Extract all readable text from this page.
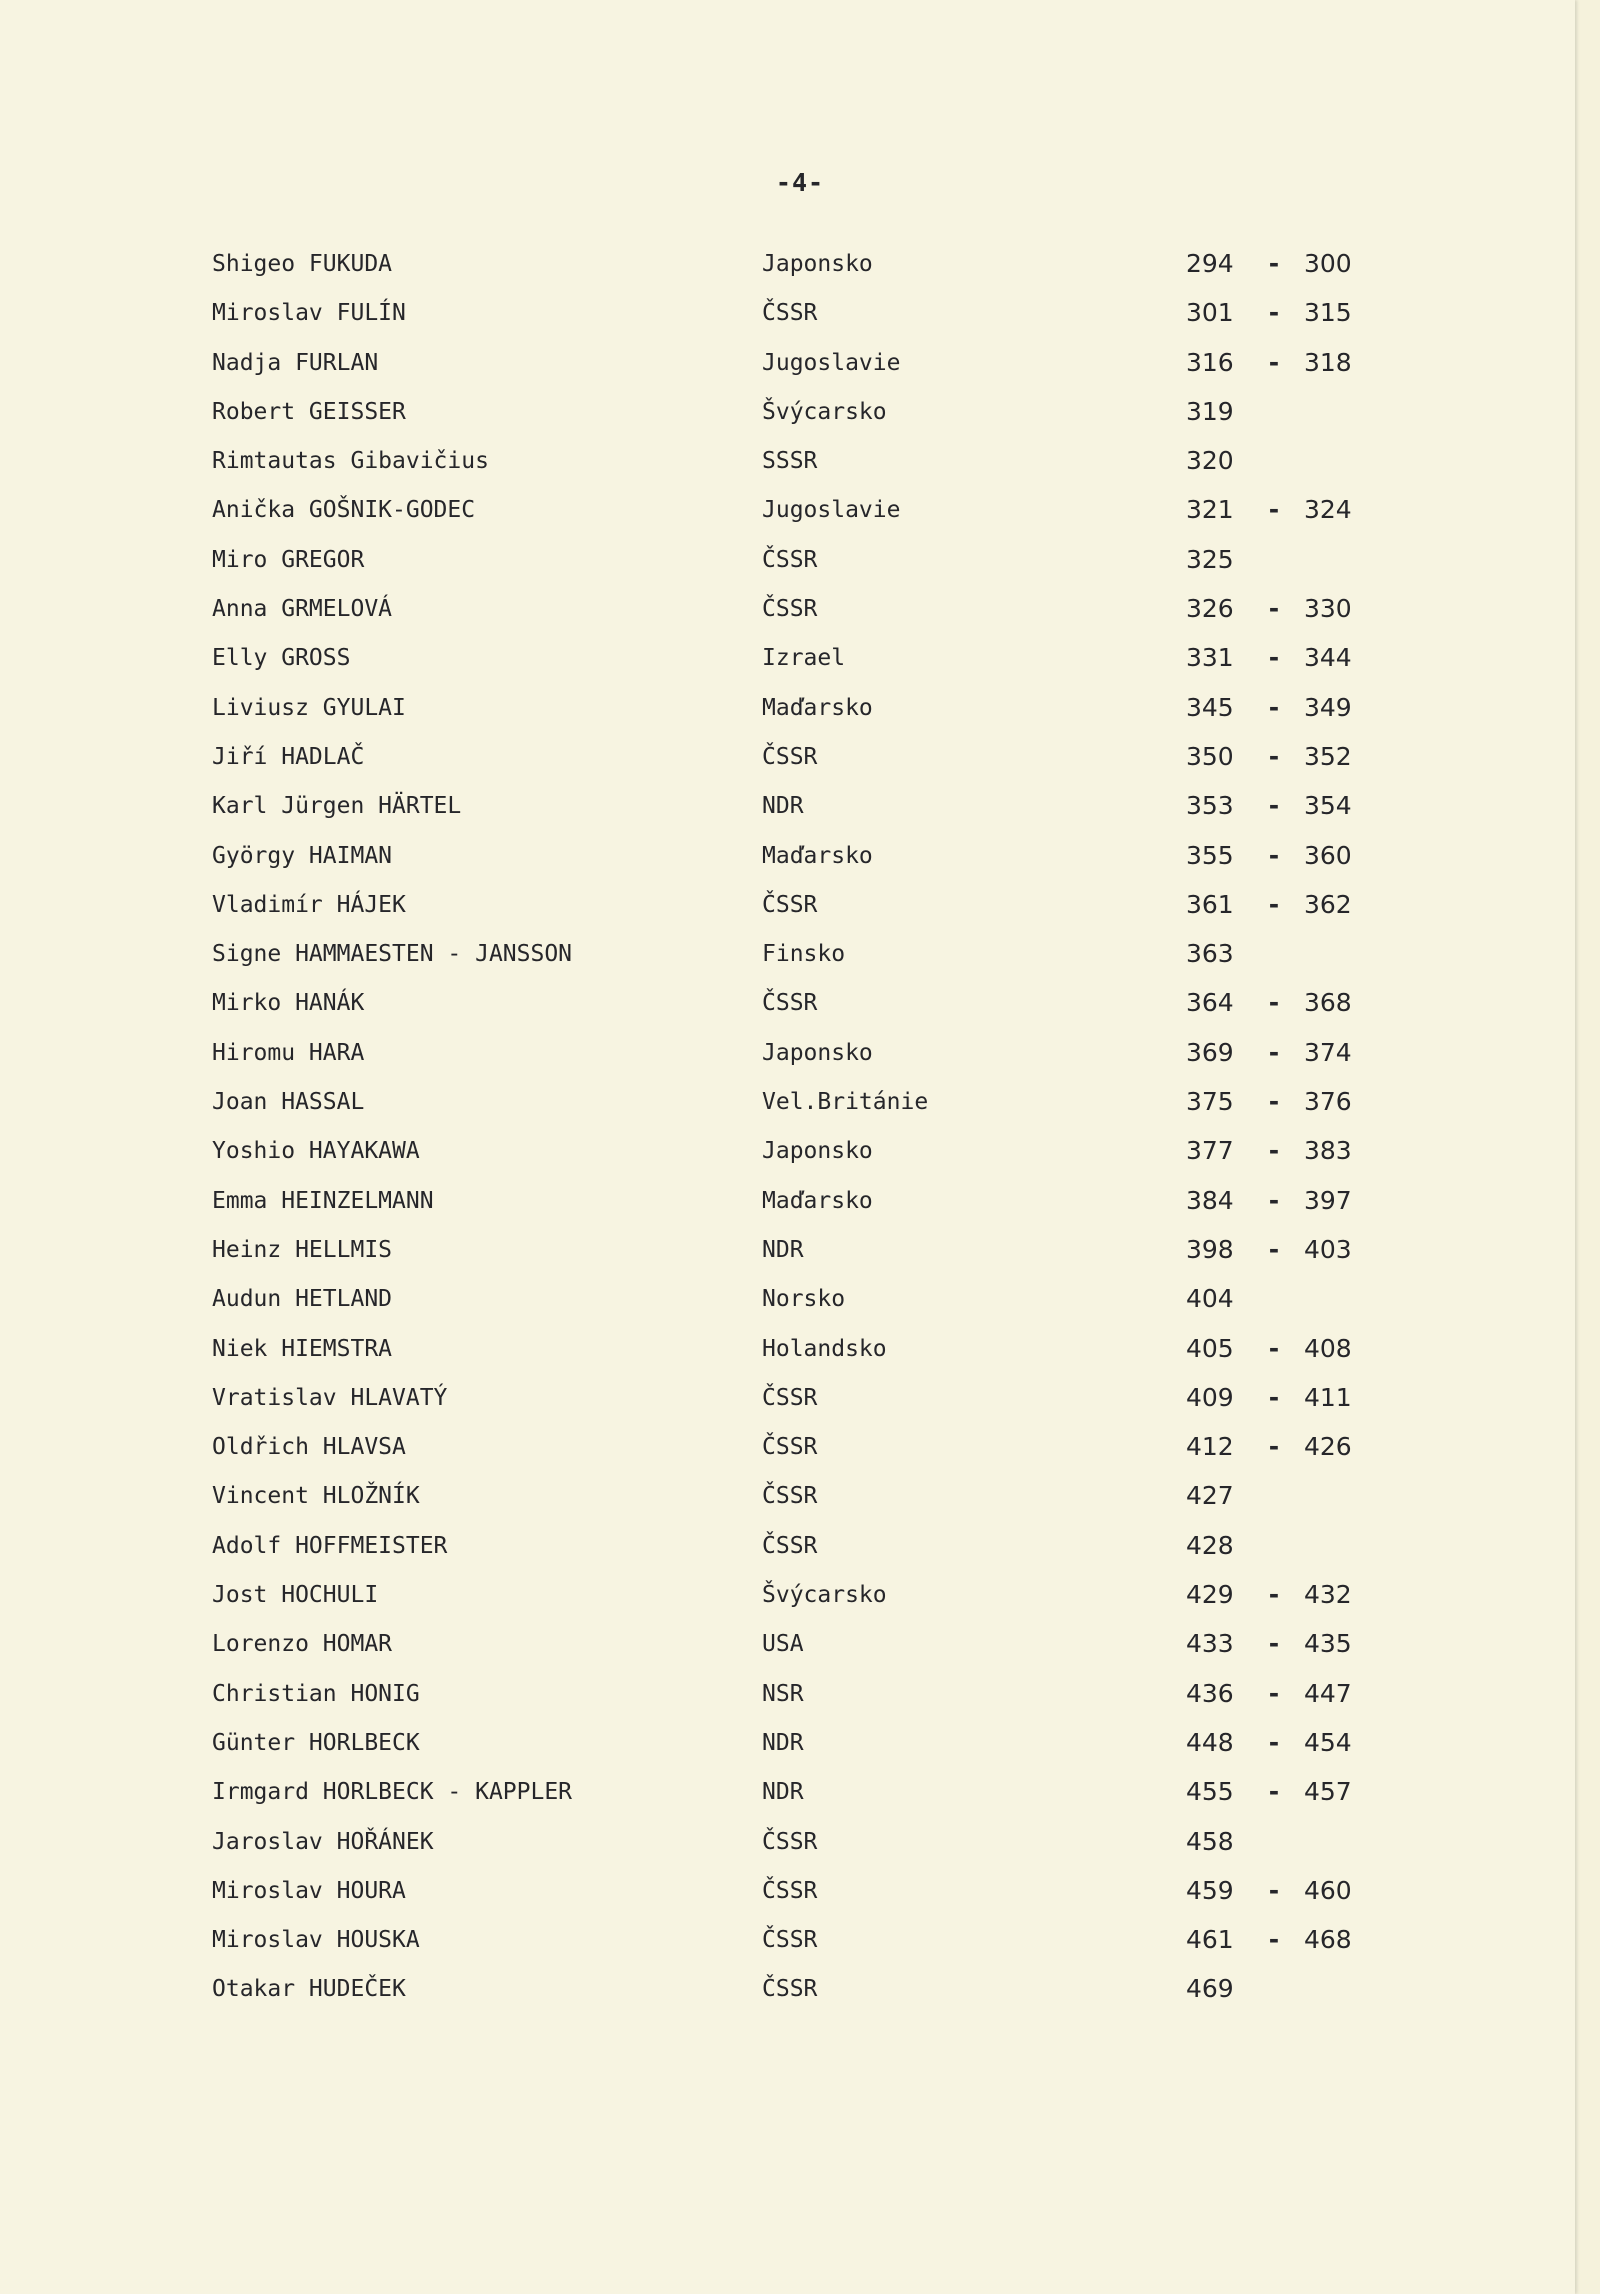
-4-
Shigeo FUKUDA	Japonsko	294 - 300
Miroslav FULÍN	ČSSR	301 - 315
Nadja FURLAN	Jugoslavie	316 - 318
Robert GEISSER	Švýcarsko	319
Rimtautas Gibavičius	SSSR	320
Anička GOŠNIK-GODEC	Jugoslavie	321 - 324
Miro GREGOR	ČSSR	325
Anna GRMELOVÁ	ČSSR	326 - 330
Elly GROSS	Izrael	331 - 344
Liviusz GYULAI	Maďarsko	345 - 349
Jiří HADLAČ	ČSSR	350 - 352
Karl Jürgen HÄRTEL	NDR	353 - 354
György HAIMAN	Maďarsko	355 - 360
Vladimír HÁJEK	ČSSR	361 - 362
Signe HAMMAESTEN - JANSSON	Finsko	363
Mirko HANÁK	ČSSR	364 - 368
Hiromu HARA	Japonsko	369 - 374
Joan HASSAL	Vel.Británie	375 - 376
Yoshio HAYAKAWA	Japonsko	377 - 383
Emma HEINZELMANN	Maďarsko	384 - 397
Heinz HELLMIS	NDR	398 - 403
Audun HETLAND	Norsko	404
Niek HIEMSTRA	Holandsko	405 - 408
Vratislav HLAVATÝ	ČSSR	409 - 411
Oldřich HLAVSA	ČSSR	412 - 426
Vincent HLOŽNÍK	ČSSR	427
Adolf HOFFMEISTER	ČSSR	428
Jost HOCHULI	Švýcarsko	429 - 432
Lorenzo HOMAR	USA	433 - 435
Christian HONIG	NSR	436 - 447
Günter HORLBECK	NDR	448 - 454
Irmgard HORLBECK - KAPPLER	NDR	455 - 457
Jaroslav HOŘÁNEK	ČSSR	458
Miroslav HOURA	ČSSR	459 - 460
Miroslav HOUSKA	ČSSR	461 - 468
Otakar HUDEČEK	ČSSR	469
